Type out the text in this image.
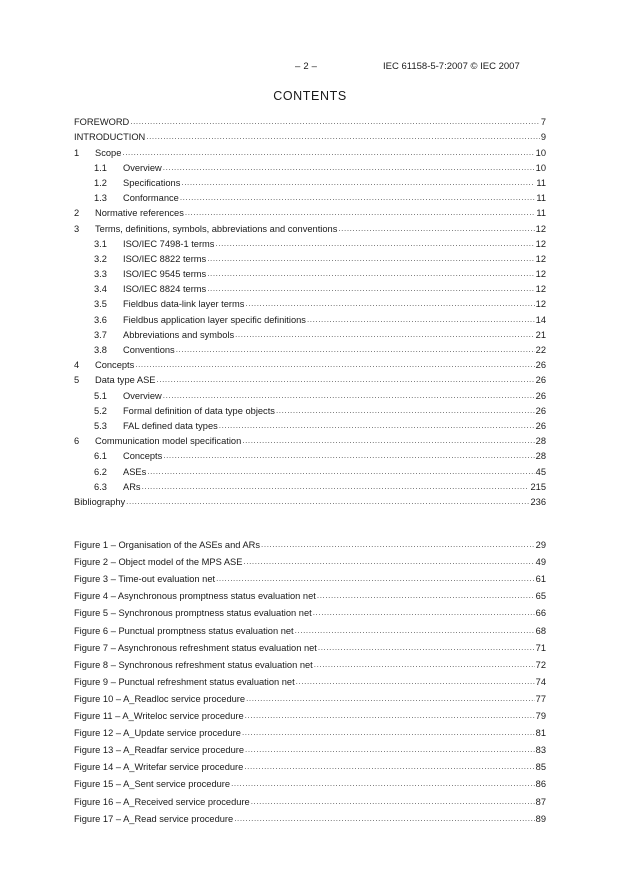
– 2 –	IEC 61158-5-7:2007 © IEC 2007
CONTENTS
FOREWORD .....	7
INTRODUCTION .....	9
1	Scope .....	10
1.1	Overview .....	10
1.2	Specifications .....	11
1.3	Conformance .....	11
2	Normative references .....	11
3	Terms, definitions, symbols, abbreviations and conventions .....	12
3.1	ISO/IEC 7498-1 terms .....	12
3.2	ISO/IEC 8822 terms .....	12
3.3	ISO/IEC 9545 terms .....	12
3.4	ISO/IEC 8824 terms .....	12
3.5	Fieldbus data-link layer terms .....	12
3.6	Fieldbus application layer specific definitions .....	14
3.7	Abbreviations and symbols .....	21
3.8	Conventions .....	22
4	Concepts .....	26
5	Data type ASE .....	26
5.1	Overview .....	26
5.2	Formal definition of data type objects .....	26
5.3	FAL defined data types .....	26
6	Communication model specification .....	28
6.1	Concepts .....	28
6.2	ASEs .....	45
6.3	ARs .....	215
Bibliography .....	236
Figure 1 – Organisation of the ASEs and ARs .....	29
Figure 2 – Object model of the MPS ASE .....	49
Figure 3 – Time-out evaluation net .....	61
Figure 4 – Asynchronous promptness status evaluation net .....	65
Figure 5 – Synchronous promptness status evaluation net .....	66
Figure 6 – Punctual promptness status evaluation net .....	68
Figure 7 – Asynchronous refreshment status evaluation net .....	71
Figure 8 – Synchronous refreshment status evaluation net .....	72
Figure 9 – Punctual refreshment status evaluation net .....	74
Figure 10 – A_Readloc service procedure .....	77
Figure 11 – A_Writeloc service procedure .....	79
Figure 12 – A_Update service procedure .....	81
Figure 13 – A_Readfar service procedure .....	83
Figure 14 – A_Writefar service procedure .....	85
Figure 15 – A_Sent service procedure .....	86
Figure 16 – A_Received service procedure .....	87
Figure 17 – A_Read service procedure .....	89
